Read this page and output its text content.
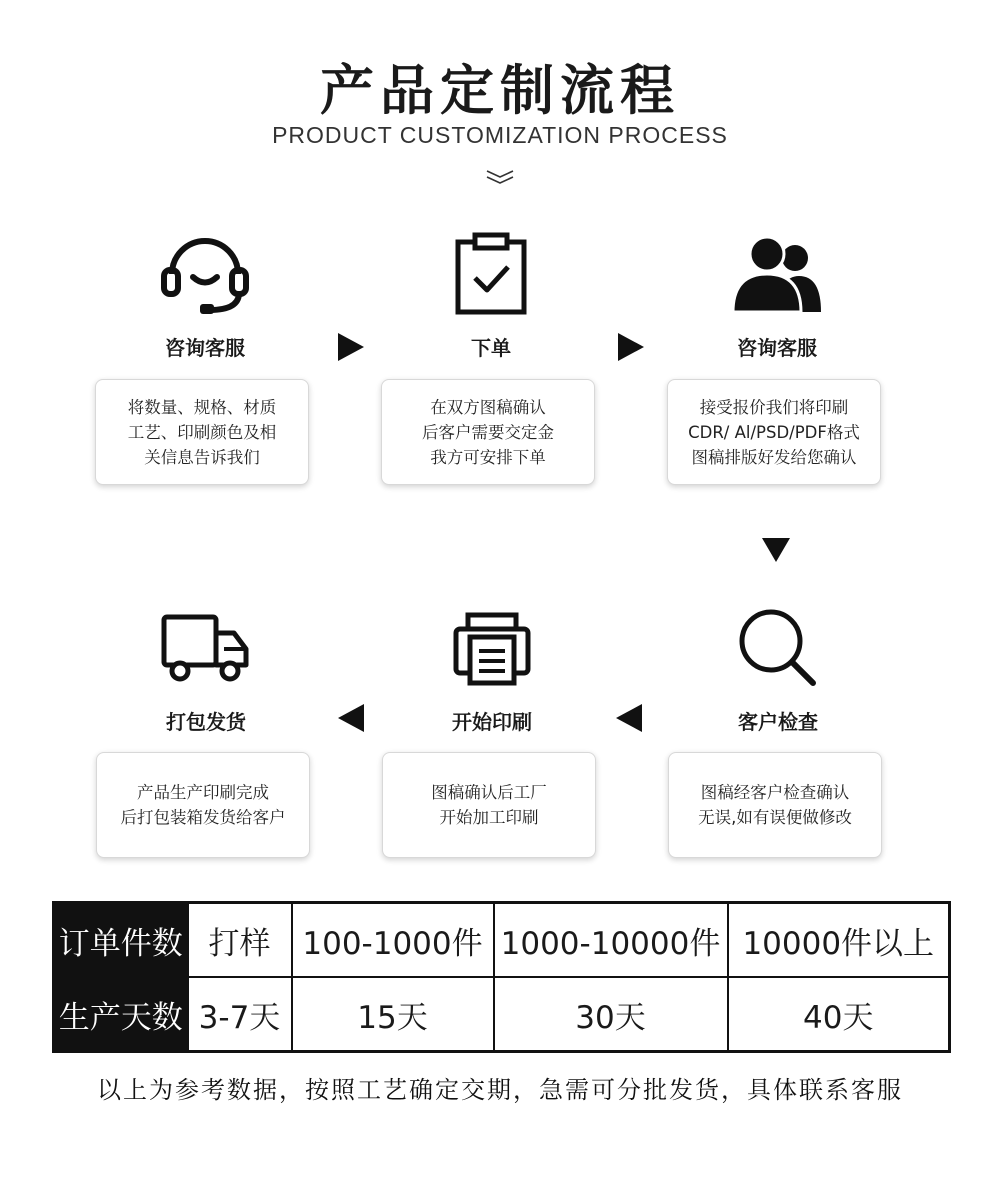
产品定制流程
PRODUCT CUSTOMIZATION PROCESS
咨询客服
将数量、规格、材质
工艺、印刷颜色及相
关信息告诉我们
下单
在双方图稿确认
后客户需要交定金
我方可安排下单
咨询客服
接受报价我们将印刷
CDR/ Al/PSD/PDF格式
图稿排版好发给您确认
打包发货
产品生产印刷完成
后打包装箱发货给客户
开始印刷
图稿确认后工厂
开始加工印刷
客户检查
图稿经客户检查确认
无误,如有误便做修改
订单件数	打样	100-1000件	1000-10000件	10000件以上
生产天数	3-7天	15天	30天	40天
以上为参考数据，按照工艺确定交期，急需可分批发货，具体联系客服
